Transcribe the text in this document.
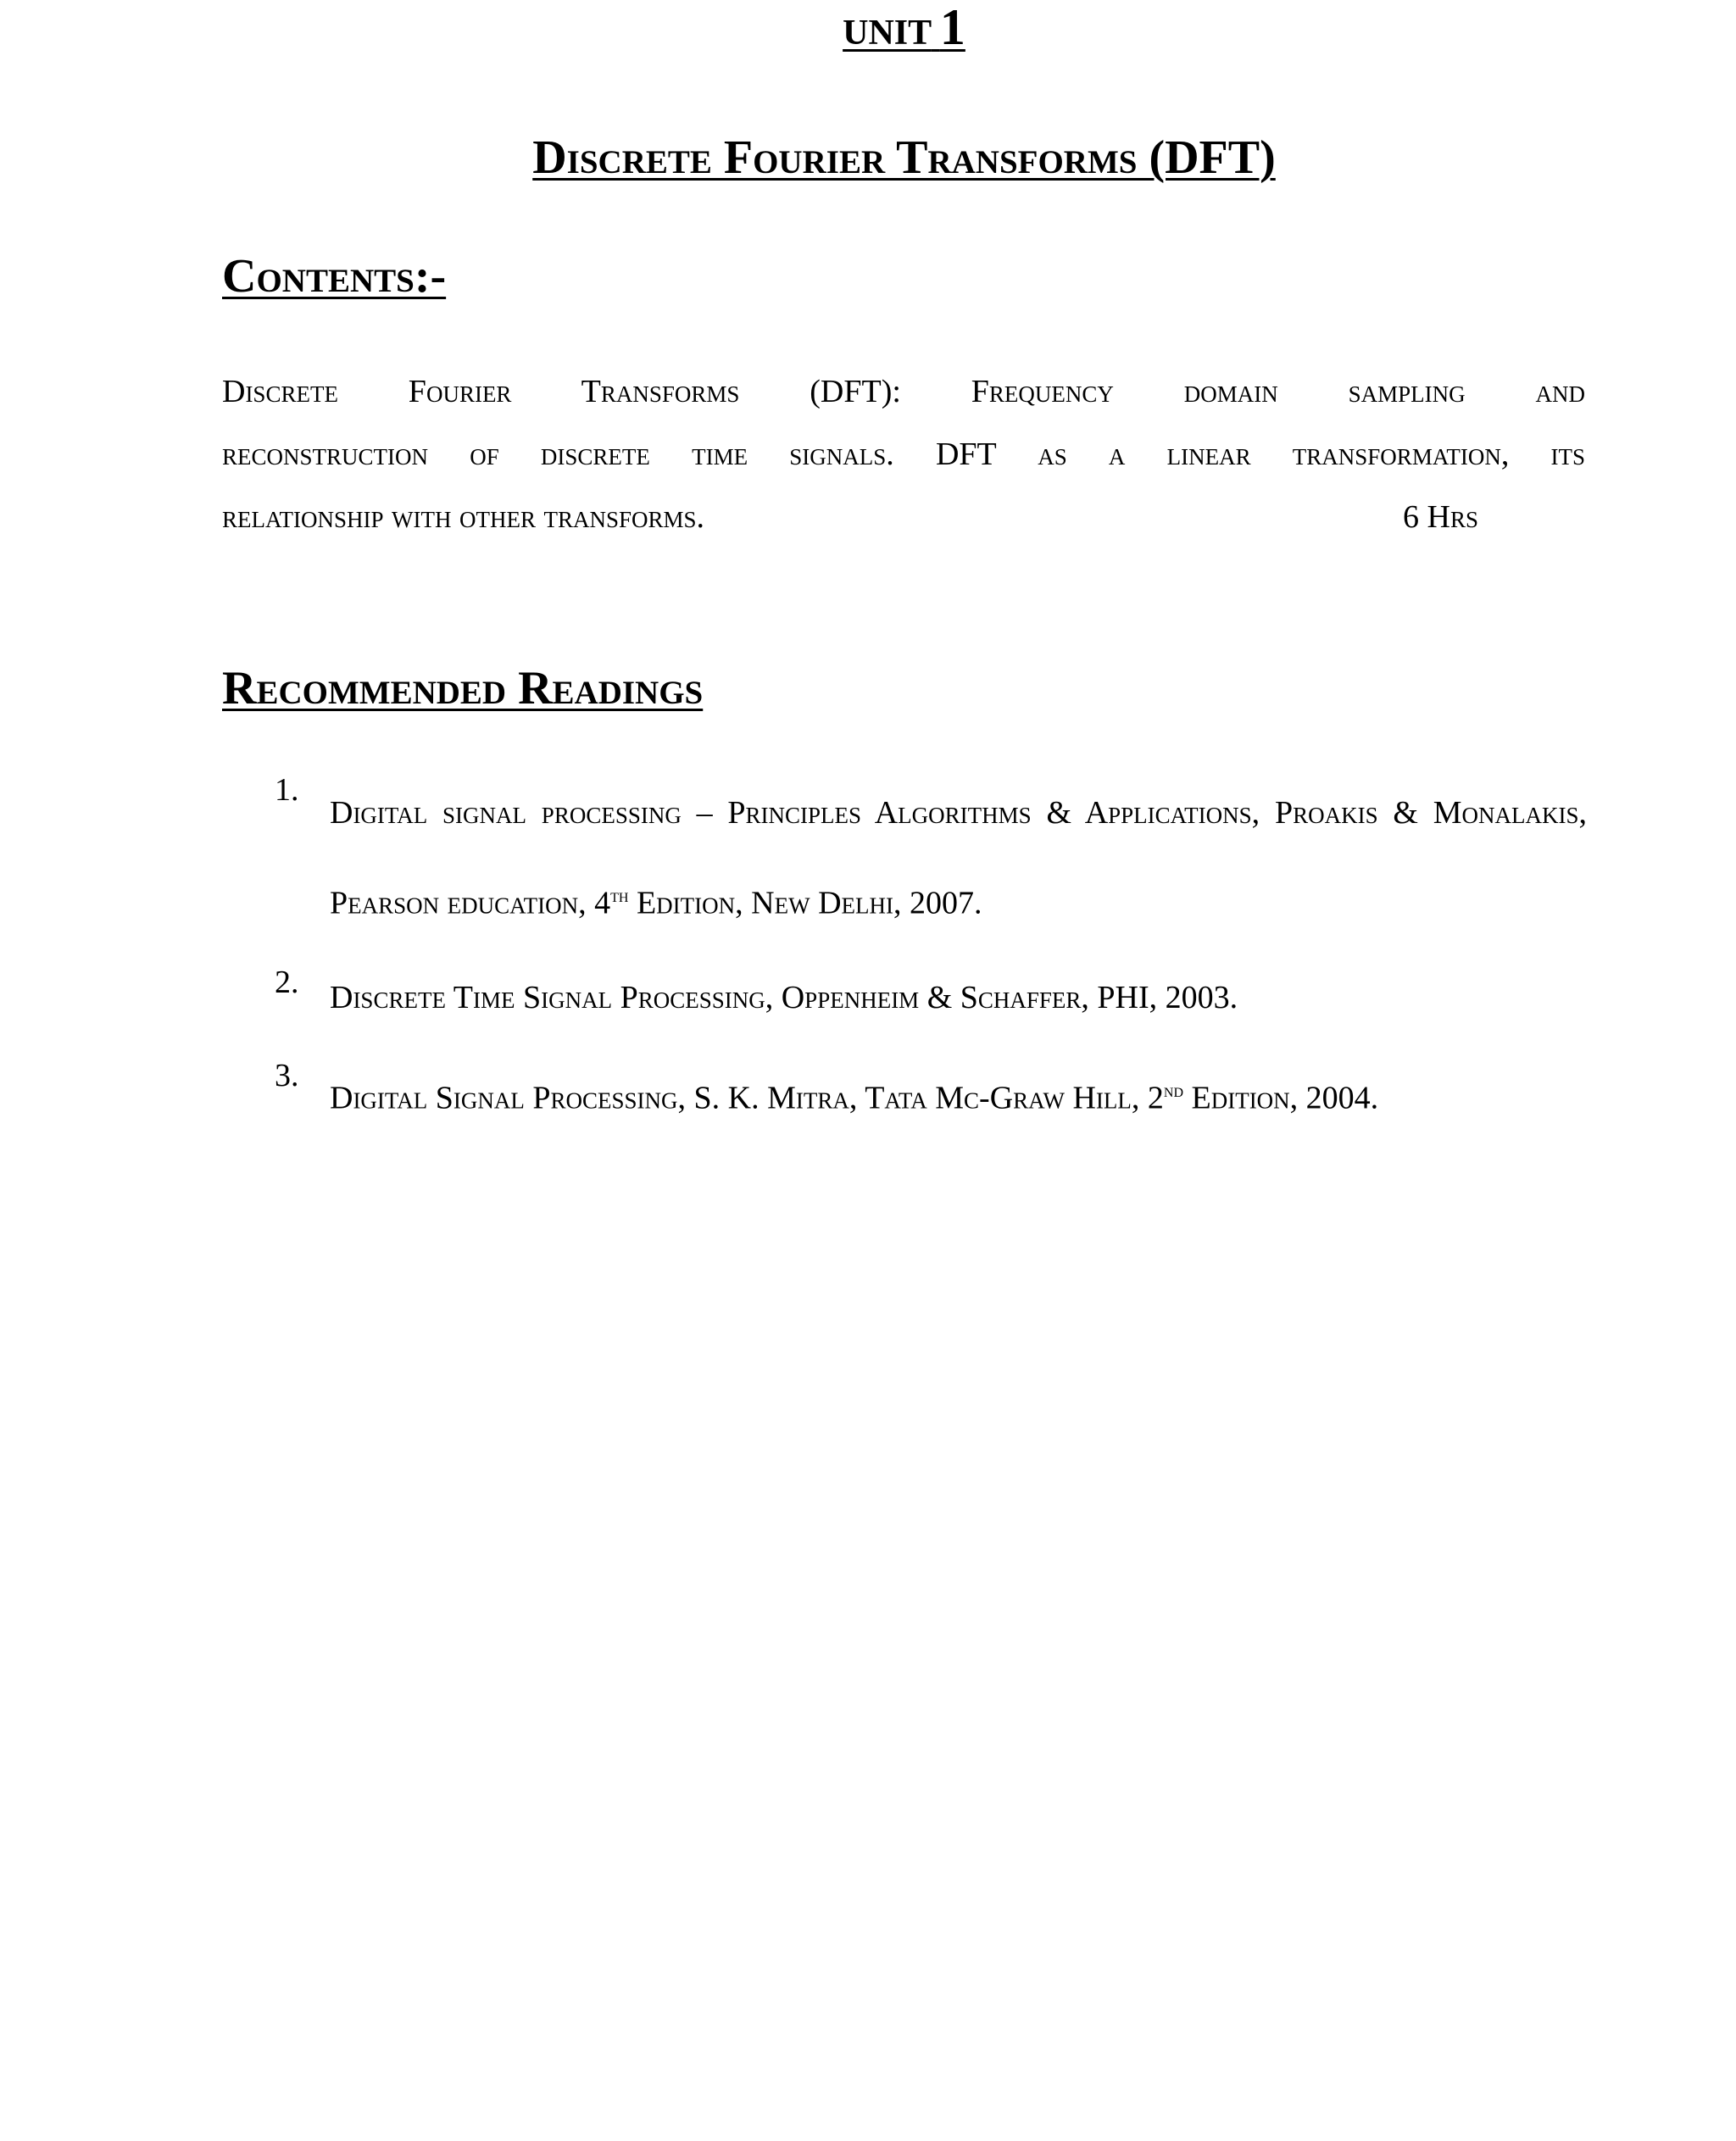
UNIT 1
Discrete Fourier Transforms (DFT)
Contents:-
Discrete Fourier Transforms (DFT): Frequency domain sampling and
reconstruction of discrete time signals. DFT as a linear transformation, its
relationship with other transforms.	6 Hrs
Recommended Readings
1.
Digital signal processing – Principles Algorithms & Applications, Proakis & Monalakis, Pearson education, 4th Edition, New Delhi, 2007.
2. Discrete Time Signal Processing, Oppenheim & Schaffer, PHI, 2003.
3.
Digital Signal Processing, S. K. Mitra, Tata Mc-Graw Hill, 2nd Edition, 2004.
